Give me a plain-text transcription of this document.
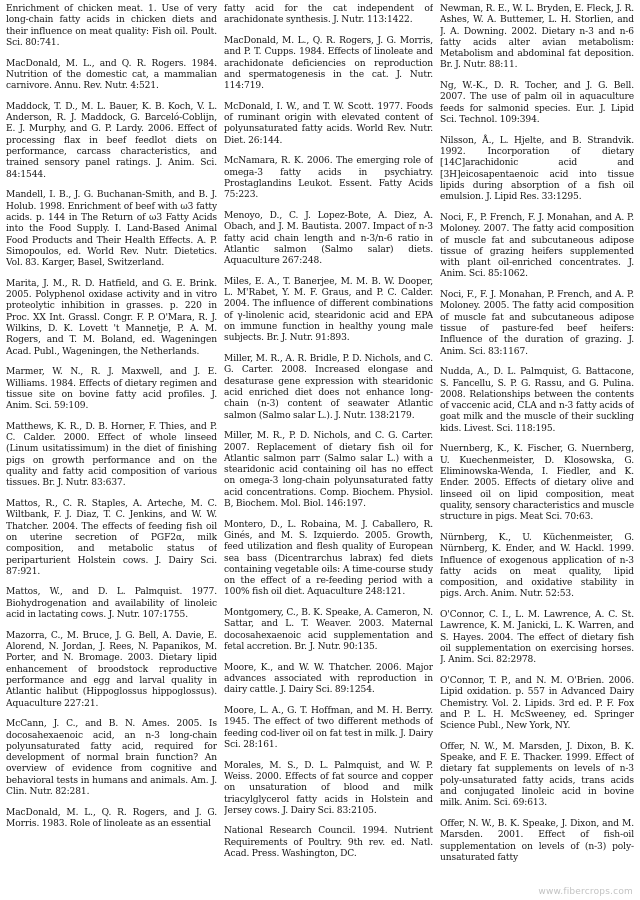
Enrichment of chicken meat. 1. Use of very long-chain fatty acids in chicken diets and their influence on meat quality: Fish oil. Poult. Sci. 80:741.
MacDonald, M. L., and Q. R. Rogers. 1984. Nutrition of the domestic cat, a mammalian carnivore. Annu. Rev. Nutr. 4:521.
Maddock, T. D., M. L. Bauer, K. B. Koch, V. L. Anderson, R. J. Maddock, G. Barceló-Coblijn, E. J. Murphy, and G. P. Lardy. 2006. Effect of processing flax in beef feedlot diets on performance, carcass characteristics, and trained sensory panel ratings. J. Anim. Sci. 84:1544.
Mandell, I. B., J. G. Buchanan-Smith, and B. J. Holub. 1998. Enrichment of beef with ω3 fatty acids. p. 144 in The Return of ω3 Fatty Acids into the Food Supply. I. Land-Based Animal Food Products and Their Health Effects. A. P. Simopoulos, ed. World Rev. Nutr. Dietetics. Vol. 83. Karger, Basel, Switzerland.
Marita, J. M., R. D. Hatfield, and G. E. Brink. 2005. Polyphenol oxidase activity and in vitro proteolytic inhibition in grasses. p. 220 in Proc. XX Int. Grassl. Congr. F. P. O'Mara, R. J. Wilkins, D. K. Lovett 't Mannetje, P. A. M. Rogers, and T. M. Boland, ed. Wageningen Acad. Publ., Wageningen, the Netherlands.
Marmer, W. N., R. J. Maxwell, and J. E. Williams. 1984. Effects of dietary regimen and tissue site on bovine fatty acid profiles. J. Anim. Sci. 59:109.
Matthews, K. R., D. B. Horner, F. Thies, and P. C. Calder. 2000. Effect of whole linseed (Linum usitatissimum) in the diet of finishing pigs on growth performance and on the quality and fatty acid composition of various tissues. Br. J. Nutr. 83:637.
Mattos, R., C. R. Staples, A. Arteche, M. C. Wiltbank, F. J. Diaz, T. C. Jenkins, and W. W. Thatcher. 2004. The effects of feeding fish oil on uterine secretion of PGF2α, milk composition, and metabolic status of periparturient Holstein cows. J. Dairy Sci. 87:921.
Mattos, W., and D. L. Palmquist. 1977. Biohydrogenation and availability of linoleic acid in lactating cows. J. Nutr. 107:1755.
Mazorra, C., M. Bruce, J. G. Bell, A. Davie, E. Alorend, N. Jordan, J. Rees, N. Papanikos, M. Porter, and N. Bromage. 2003. Dietary lipid enhancement of broodstock reproductive performance and egg and larval quality in Atlantic halibut (Hippoglossus hippoglossus). Aquaculture 227:21.
McCann, J. C., and B. N. Ames. 2005. Is docosahexaenoic acid, an n-3 long-chain polyunsaturated fatty acid, required for development of normal brain function? An overview of evidence from cognitive and behavioral tests in humans and animals. Am. J. Clin. Nutr. 82:281.
MacDonald, M. L., Q. R. Rogers, and J. G. Morris. 1983. Role of linoleate as an essential
fatty acid for the cat independent of arachidonate synthesis. J. Nutr. 113:1422.
MacDonald, M. L., Q. R. Rogers, J. G. Morris, and P. T. Cupps. 1984. Effects of linoleate and arachidonate deficiencies on reproduction and spermatogenesis in the cat. J. Nutr. 114:719.
McDonald, I. W., and T. W. Scott. 1977. Foods of ruminant origin with elevated content of polyunsaturated fatty acids. World Rev. Nutr. Diet. 26:144.
McNamara, R. K. 2006. The emerging role of omega-3 fatty acids in psychiatry. Prostaglandins Leukot. Essent. Fatty Acids 75:223.
Menoyo, D., C. J. Lopez-Bote, A. Diez, A. Obach, and J. M. Bautista. 2007. Impact of n-3 fatty acid chain length and n-3/n-6 ratio in Atlantic salmon (Salmo salar) diets. Aquaculture 267:248.
Miles, E. A., T. Banerjee, M. M. B. W. Dooper, L. M'Rabet, Y. M. F. Graus, and P. C. Calder. 2004. The influence of different combinations of γ-linolenic acid, stearidonic acid and EPA on immune function in healthy young male subjects. Br. J. Nutr. 91:893.
Miller, M. R., A. R. Bridle, P. D. Nichols, and C. G. Carter. 2008. Increased elongase and desaturase gene expression with stearidonic acid enriched diet does not enhance long-chain (n-3) content of seawater Atlantic salmon (Salmo salar L.). J. Nutr. 138:2179.
Miller, M. R., P. D. Nichols, and C. G. Carter. 2007. Replacement of dietary fish oil for Atlantic salmon parr (Salmo salar L.) with a stearidonic acid containing oil has no effect on omega-3 long-chain polyunsaturated fatty acid concentrations. Comp. Biochem. Physiol. B, Biochem. Mol. Biol. 146:197.
Montero, D., L. Robaina, M. J. Caballero, R. Ginés, and M. S. Izquierdo. 2005. Growth, feed utilization and flesh quality of European sea bass (Dicentrarchus labrax) fed diets containing vegetable oils: A time-course study on the effect of a re-feeding period with a 100% fish oil diet. Aquaculture 248:121.
Montgomery, C., B. K. Speake, A. Cameron, N. Sattar, and L. T. Weaver. 2003. Maternal docosahexaenoic acid supplementation and fetal accretion. Br. J. Nutr. 90:135.
Moore, K., and W. W. Thatcher. 2006. Major advances associated with reproduction in dairy cattle. J. Dairy Sci. 89:1254.
Moore, L. A., G. T. Hoffman, and M. H. Berry. 1945. The effect of two different methods of feeding cod-liver oil on fat test in milk. J. Dairy Sci. 28:161.
Morales, M. S., D. L. Palmquist, and W. P. Weiss. 2000. Effects of fat source and copper on unsaturation of blood and milk triacylglycerol fatty acids in Holstein and Jersey cows. J. Dairy Sci. 83:2105.
National Research Council. 1994. Nutrient Requirements of Poultry. 9th rev. ed. Natl. Acad. Press. Washington, DC.
Newman, R. E., W. L. Bryden, E. Fleck, J. R. Ashes, W. A. Buttemer, L. H. Storlien, and J. A. Downing. 2002. Dietary n-3 and n-6 fatty acids alter avian metabolism: Metabolism and abdominal fat deposition. Br. J. Nutr. 88:11.
Ng, W.-K., D. R. Tocher, and J. G. Bell. 2007. The use of palm oil in aquaculture feeds for salmonid species. Eur. J. Lipid Sci. Technol. 109:394.
Nilsson, Å., L. Hjelte, and B. Strandvik. 1992. Incorporation of dietary [14C]arachidonic acid and [3H]eicosapentaenoic acid into tissue lipids during absorption of a fish oil emulsion. J. Lipid Res. 33:1295.
Noci, F., P. French, F. J. Monahan, and A. P. Moloney. 2007. The fatty acid composition of muscle fat and subcutaneous adipose tissue of grazing heifers supplemented with plant oil-enriched concentrates. J. Anim. Sci. 85:1062.
Noci, F., F. J. Monahan, P. French, and A. P. Moloney. 2005. The fatty acid composition of muscle fat and subcutaneous adipose tissue of pasture-fed beef heifers: Influence of the duration of grazing. J. Anim. Sci. 83:1167.
Nudda, A., D. L. Palmquist, G. Battacone, S. Fancellu, S. P. G. Rassu, and G. Pulina. 2008. Relationships between the contents of vaccenic acid, CLA and n-3 fatty acids of goat milk and the muscle of their suckling kids. Livest. Sci. 118:195.
Nuernberg, K., K. Fischer, G. Nuernberg, U. Kuechenmeister, D. Klosowska, G. Eliminowska-Wenda, I. Fiedler, and K. Ender. 2005. Effects of dietary olive and linseed oil on lipid composition, meat quality, sensory characteristics and muscle structure in pigs. Meat Sci. 70:63.
Nürnberg, K., U. Küchenmeister, G. Nürnberg, K. Ender, and W. Hackl. 1999. Influence of exogenous application of n-3 fatty acids on meat quality, lipid composition, and oxidative stability in pigs. Arch. Anim. Nutr. 52:53.
O'Connor, C. I., L. M. Lawrence, A. C. St. Lawrence, K. M. Janicki, L. K. Warren, and S. Hayes. 2004. The effect of dietary fish oil supplementation on exercising horses. J. Anim. Sci. 82:2978.
O'Connor, T. P., and N. M. O'Brien. 2006. Lipid oxidation. p. 557 in Advanced Dairy Chemistry. Vol. 2. Lipids. 3rd ed. P. F. Fox and P. L. H. McSweeney, ed. Springer Science Publ., New York, NY.
Offer, N. W., M. Marsden, J. Dixon, B. K. Speake, and F. E. Thacker. 1999. Effect of dietary fat supplements on levels of n-3 poly-unsaturated fatty acids, trans acids and conjugated linoleic acid in bovine milk. Anim. Sci. 69:613.
Offer, N. W., B. K. Speake, J. Dixon, and M. Marsden. 2001. Effect of fish-oil supplementation on levels of (n-3) poly-unsaturated fatty
www.fibercrops.com
